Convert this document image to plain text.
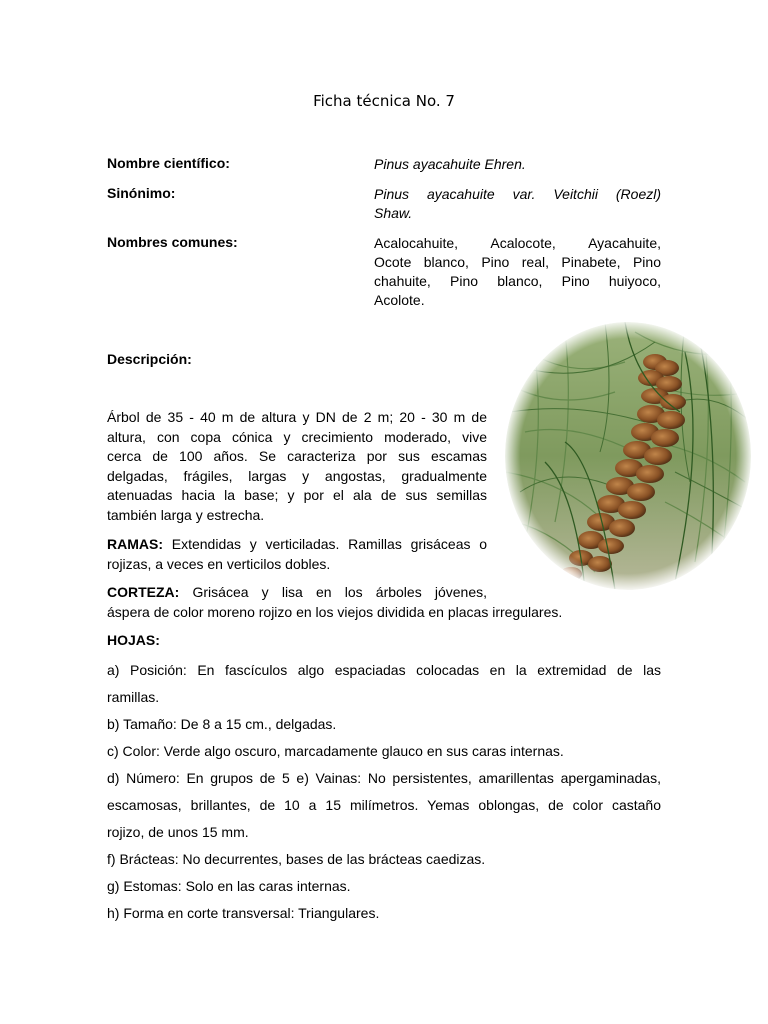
Ficha técnica No. 7
Nombre científico:	Pinus ayacahuite Ehren.
Sinónimo:	Pinus ayacahuite var. Veitchii (Roezl)
Shaw.
Nombres comunes:	Acalocahuite, Acalocote, Ayacahuite,
Ocote blanco, Pino real, Pinabete, Pino
chahuite, Pino blanco, Pino huiyoco,
Acolote.
Descripción:
Árbol de 35 - 40 m de altura y DN de 2 m; 20 - 30 m de
altura, con copa cónica y crecimiento moderado, vive
cerca de 100 años. Se caracteriza por sus escamas
delgadas, frágiles, largas y angostas, gradualmente
atenuadas hacia la base; y por el ala de sus semillas
también larga y estrecha.
RAMAS: Extendidas y verticiladas. Ramillas grisáceas o
rojizas, a veces en verticilos dobles.
CORTEZA: Grisácea y lisa en los árboles jóvenes,
áspera de color moreno rojizo en los viejos dividida en placas irregulares.
HOJAS:
a) Posición: En fascículos algo espaciadas colocadas en la extremidad de las
ramillas.
b) Tamaño: De 8 a 15 cm., delgadas.
c) Color: Verde algo oscuro, marcadamente glauco en sus caras internas.
d) Número: En grupos de 5 e) Vainas: No persistentes, amarillentas apergaminadas,
escamosas, brillantes, de 10 a 15 milímetros. Yemas oblongas, de color castaño
rojizo, de unos 15 mm.
f) Brácteas: No decurrentes, bases de las brácteas caedizas.
g) Estomas: Solo en las caras internas.
h) Forma en corte transversal: Triangulares.
